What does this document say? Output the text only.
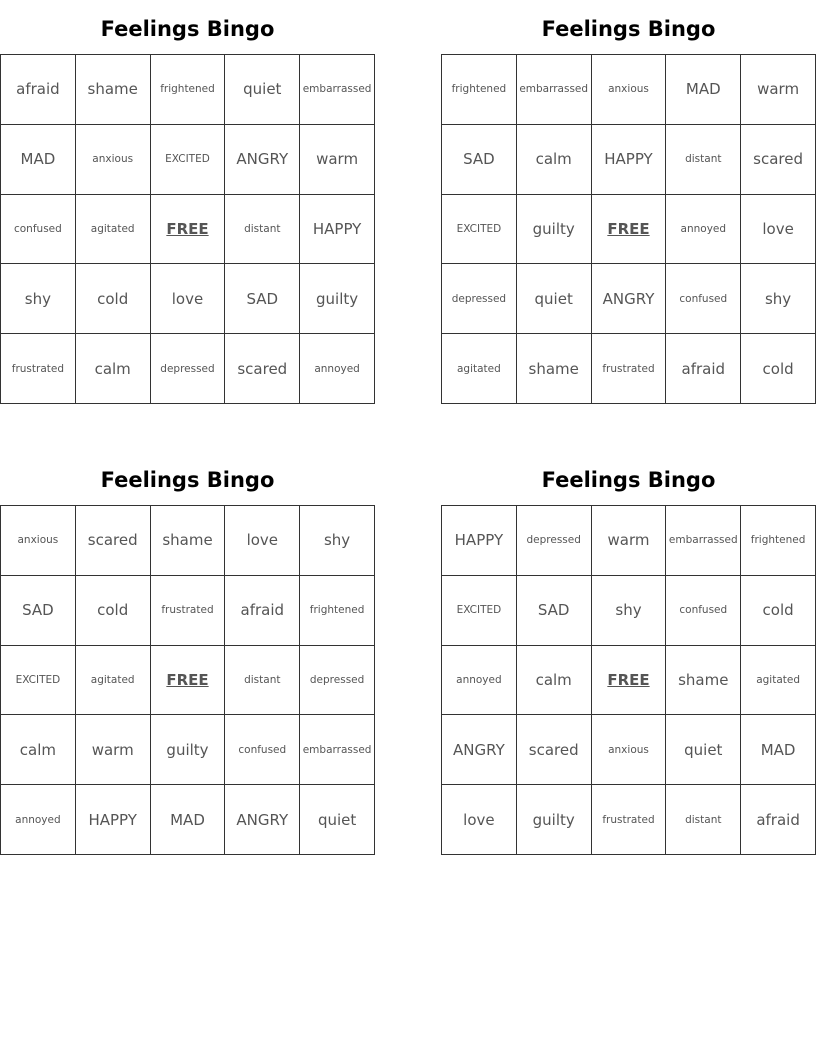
Feelings Bingo
afraid	shame	frightened	quiet	embarrassed
MAD	anxious	EXCITED	ANGRY	warm
confused	agitated	FREE	distant	HAPPY
shy	cold	love	SAD	guilty
frustrated	calm	depressed	scared	annoyed
Feelings Bingo
frightened	embarrassed	anxious	MAD	warm
SAD	calm	HAPPY	distant	scared
EXCITED	guilty	FREE	annoyed	love
depressed	quiet	ANGRY	confused	shy
agitated	shame	frustrated	afraid	cold
Feelings Bingo
anxious	scared	shame	love	shy
SAD	cold	frustrated	afraid	frightened
EXCITED	agitated	FREE	distant	depressed
calm	warm	guilty	confused	embarrassed
annoyed	HAPPY	MAD	ANGRY	quiet
Feelings Bingo
HAPPY	depressed	warm	embarrassed	frightened
EXCITED	SAD	shy	confused	cold
annoyed	calm	FREE	shame	agitated
ANGRY	scared	anxious	quiet	MAD
love	guilty	frustrated	distant	afraid
